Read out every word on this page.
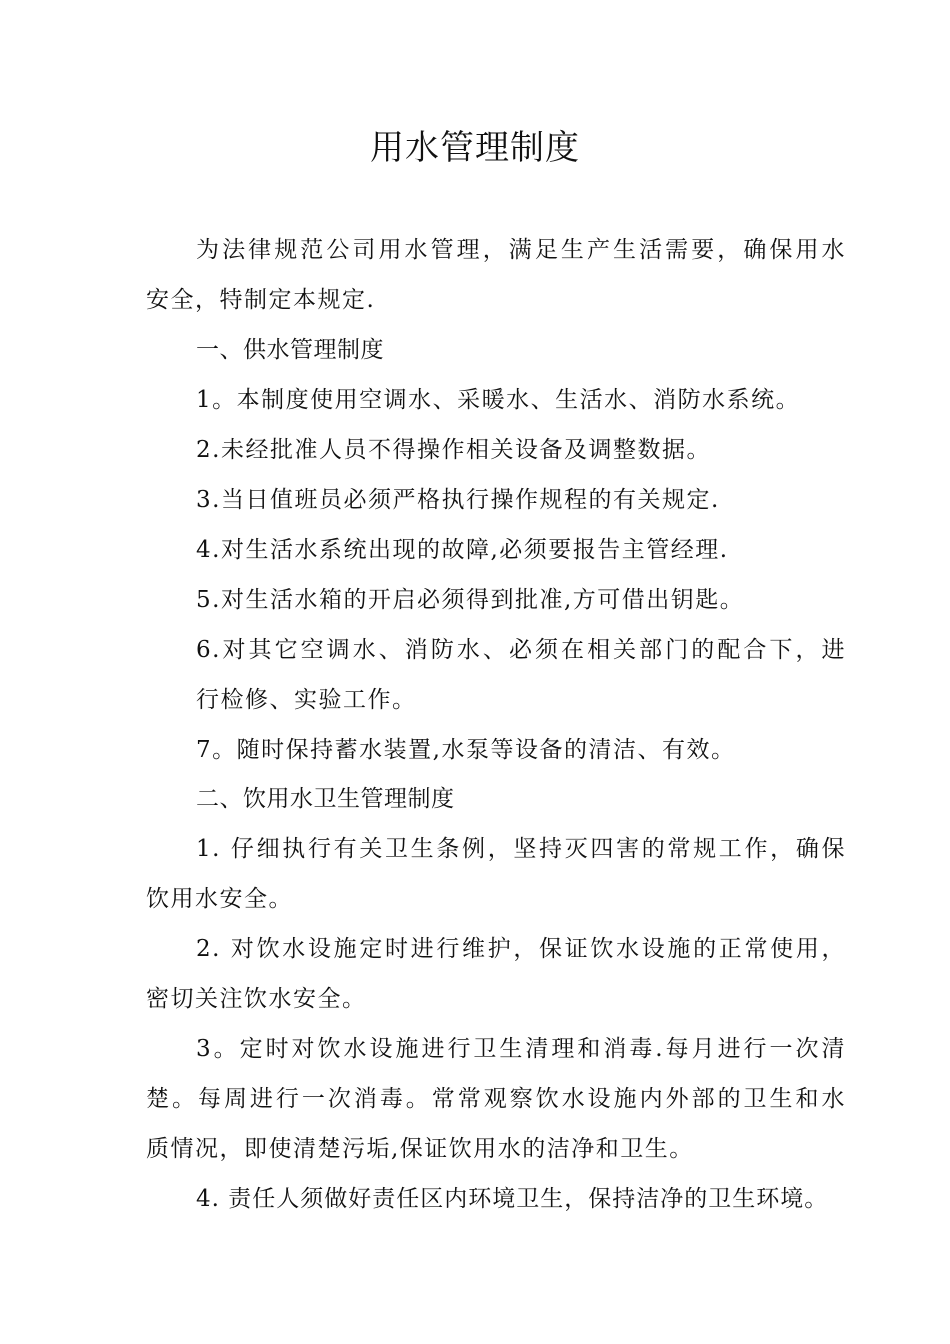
用水管理制度
为法律规范公司用水管理，满足生产生活需要，确保用水
安全，特制定本规定.
一、供水管理制度
1。本制度使用空调水、采暖水、生活水、消防水系统。
2.未经批准人员不得操作相关设备及调整数据。
3.当日值班员必须严格执行操作规程的有关规定.
4.对生活水系统出现的故障,必须要报告主管经理.
5.对生活水箱的开启必须得到批准,方可借出钥匙。
6.对其它空调水、消防水、必须在相关部门的配合下，进
行检修、实验工作。
7。随时保持蓄水装置,水泵等设备的清洁、有效。
二、饮用水卫生管理制度
1. 仔细执行有关卫生条例，坚持灭四害的常规工作，确保
饮用水安全。
2. 对饮水设施定时进行维护，保证饮水设施的正常使用，
密切关注饮水安全。
3。定时对饮水设施进行卫生清理和消毒.每月进行一次清
楚。每周进行一次消毒。常常观察饮水设施内外部的卫生和水
质情况，即使清楚污垢,保证饮用水的洁净和卫生。
4. 责任人须做好责任区内环境卫生，保持洁净的卫生环境。
